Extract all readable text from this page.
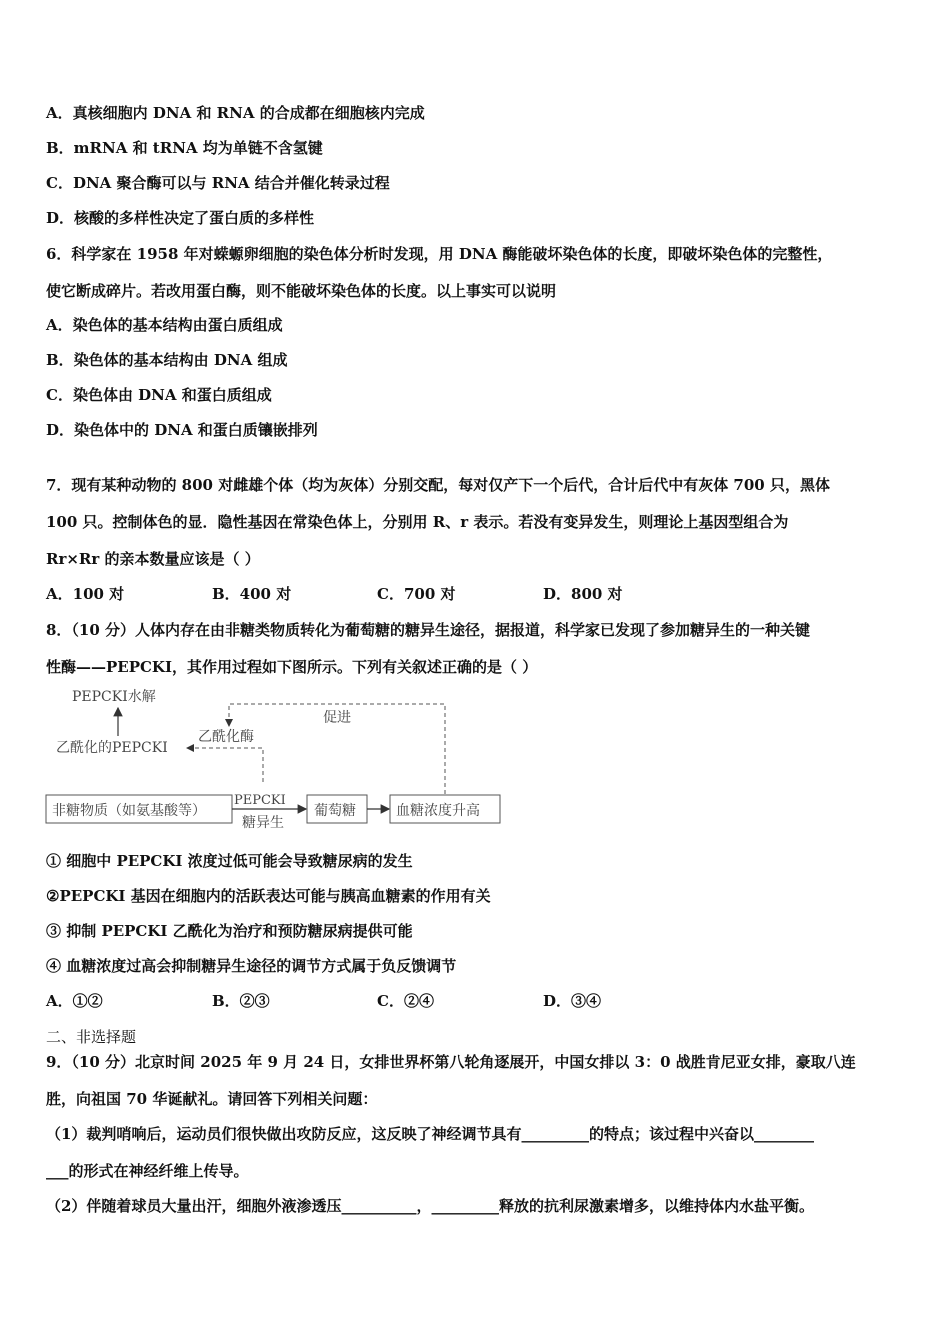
A．真核细胞内 DNA 和 RNA 的合成都在细胞核内完成
B．mRNA 和 tRNA 均为单链不含氢键
C．DNA 聚合酶可以与 RNA 结合并催化转录过程
D．核酸的多样性决定了蛋白质的多样性
6．科学家在 1958 年对蝾螈卵细胞的染色体分析时发现，用 DNA 酶能破坏染色体的长度，即破坏染色体的完整性，
使它断成碎片。若改用蛋白酶，则不能破坏染色体的长度。以上事实可以说明
A．染色体的基本结构由蛋白质组成
B．染色体的基本结构由 DNA 组成
C．染色体由 DNA 和蛋白质组成
D．染色体中的 DNA 和蛋白质镶嵌排列
7．现有某种动物的 800 对雌雄个体（均为灰体）分别交配，每对仅产下一个后代，合计后代中有灰体 700 只，黑体
100 只。控制体色的显．隐性基因在常染色体上，分别用 R、r 表示。若没有变异发生，则理论上基因型组合为
Rr×Rr 的亲本数量应该是（ ）
A．100 对	B．400 对	C．700 对	D．800 对
8．（10 分）人体内存在由非糖类物质转化为葡萄糖的糖异生途径，据报道，科学家已发现了参加糖异生的一种关键
性酶——PEPCKI，其作用过程如下图所示。下列有关叙述正确的是（ ）
PEPCKI水解
乙酰化的PEPCKI
乙酰化酶
促进
非糖物质（如氨基酸等）
PEPCKI
糖异生
葡萄糖	血糖浓度升高
① 细胞中 PEPCKI 浓度过低可能会导致糖尿病的发生
②PEPCKI 基因在细胞内的活跃表达可能与胰高血糖素的作用有关
③ 抑制 PEPCKI 乙酰化为治疗和预防糖尿病提供可能
④ 血糖浓度过高会抑制糖异生途径的调节方式属于负反馈调节
A．①②	B．②③	C．②④	D．③④
二、非选择题
9．（10 分）北京时间 2025 年 9 月 24 日，女排世界杯第八轮角逐展开，中国女排以 3：0 战胜肯尼亚女排，豪取八连
胜，向祖国 70 华诞献礼。请回答下列相关问题：
（1）裁判哨响后，运动员们很快做出攻防反应，这反映了神经调节具有_________的特点；该过程中兴奋以________
___的形式在神经纤维上传导。
（2）伴随着球员大量出汗，细胞外液渗透压__________，_________释放的抗利尿激素增多，以维持体内水盐平衡。
